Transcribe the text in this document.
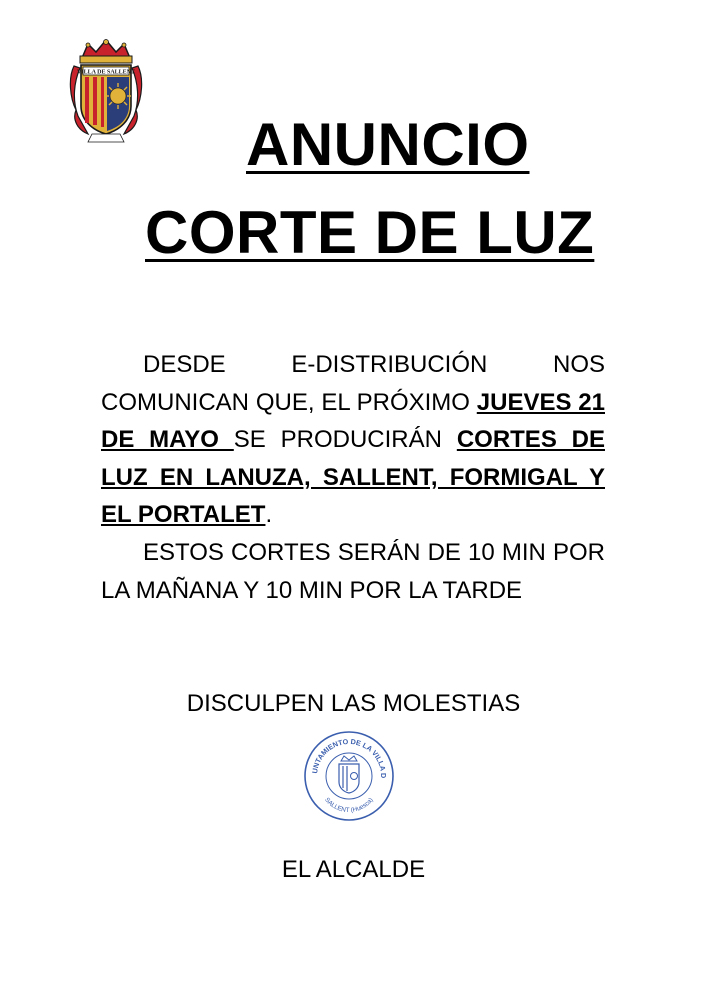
VILLA DE SALLENT
ANUNCIO
CORTE DE LUZ

DESDE E-DISTRIBUCIÓN NOS COMUNICAN QUE, EL PRÓXIMO JUEVES 21 DE MAYO SE PRODUCIRÁN CORTES DE LUZ EN LANUZA, SALLENT, FORMIGAL Y EL PORTALET.

ESTOS CORTES SERÁN DE 10 MIN POR LA MAÑANA Y 10 MIN POR LA TARDE

DISCULPEN LAS MOLESTIAS
UNTAMIENTO DE LA VILLA D
SALLENT (Huesca)
EL ALCALDE
